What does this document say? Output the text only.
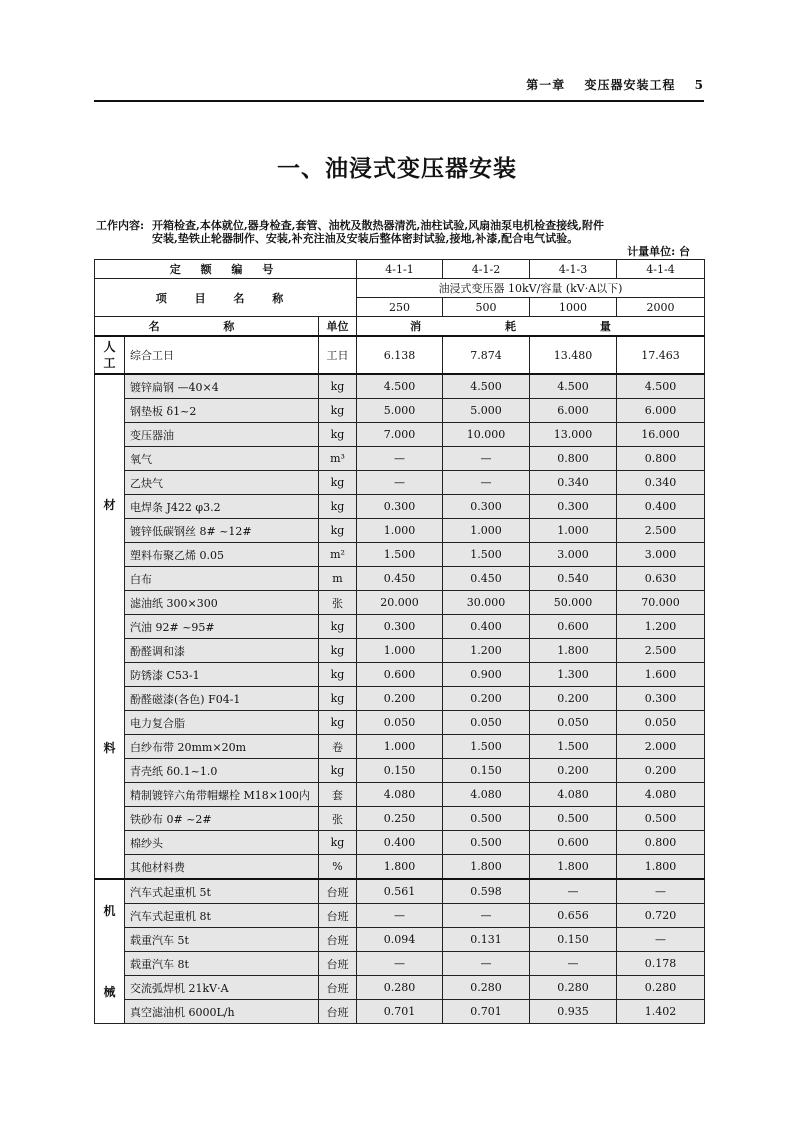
第一章 变压器安装工程 5
一、油浸式变压器安装
工作内容: 开箱检查,本体就位,器身检查,套管、油枕及散热器清洗,油柱试验,风扇油泵电机检查接线,附件安装,垫铁止轮器制作、安装,补充注油及安装后整体密封试验,接地,补漆,配合电气试验。
计量单位: 台
定 额 编 号			4-1-1	4-1-2	4-1-3	4-1-4
项 目 名 称			油浸式变压器 10kV/容量 (kV·A以下)			
			250	500	1000	2000
名 称		单位	消 耗 量			
人工	综合工日	工日	6.138	7.874	13.480	17.463

材
料	镀锌扁钢 —40×4	kg	4.500	4.500	4.500	4.500
	钢垫板 δ1~2	kg	5.000	5.000	6.000	6.000
	变压器油	kg	7.000	10.000	13.000	16.000
	氧气	m³	—	—	0.800	0.800
	乙炔气	kg	—	—	0.340	0.340
	电焊条 J422 φ3.2	kg	0.300	0.300	0.300	0.400
	镀锌低碳钢丝 8# ~12#	kg	1.000	1.000	1.000	2.500
	塑料布聚乙烯 0.05	m²	1.500	1.500	3.000	3.000
	白布	m	0.450	0.450	0.540	0.630
	滤油纸 300×300	张	20.000	30.000	50.000	70.000
	汽油 92# ~95#	kg	0.300	0.400	0.600	1.200
	酚醛调和漆	kg	1.000	1.200	1.800	2.500
	防锈漆 C53-1	kg	0.600	0.900	1.300	1.600
	酚醛磁漆(各色) F04-1	kg	0.200	0.200	0.200	0.300
	电力复合脂	kg	0.050	0.050	0.050	0.050
	白纱布带 20mm×20m	卷	1.000	1.500	1.500	2.000
	青壳纸 δ0.1~1.0	kg	0.150	0.150	0.200	0.200
	精制镀锌六角带帽螺栓 M18×100内	套	4.080	4.080	4.080	4.080
	铁砂布 0# ~2#	张	0.250	0.500	0.500	0.500
	棉纱头	kg	0.400	0.500	0.600	0.800
	其他材料费	%	1.800	1.800	1.800	1.800

机
械	汽车式起重机 5t	台班	0.561	0.598	—	—
	汽车式起重机 8t	台班	—	—	0.656	0.720
	载重汽车 5t	台班	0.094	0.131	0.150	—
	载重汽车 8t	台班	—	—	—	0.178
	交流弧焊机 21kV·A	台班	0.280	0.280	0.280	0.280
	真空滤油机 6000L/h	台班	0.701	0.701	0.935	1.402
